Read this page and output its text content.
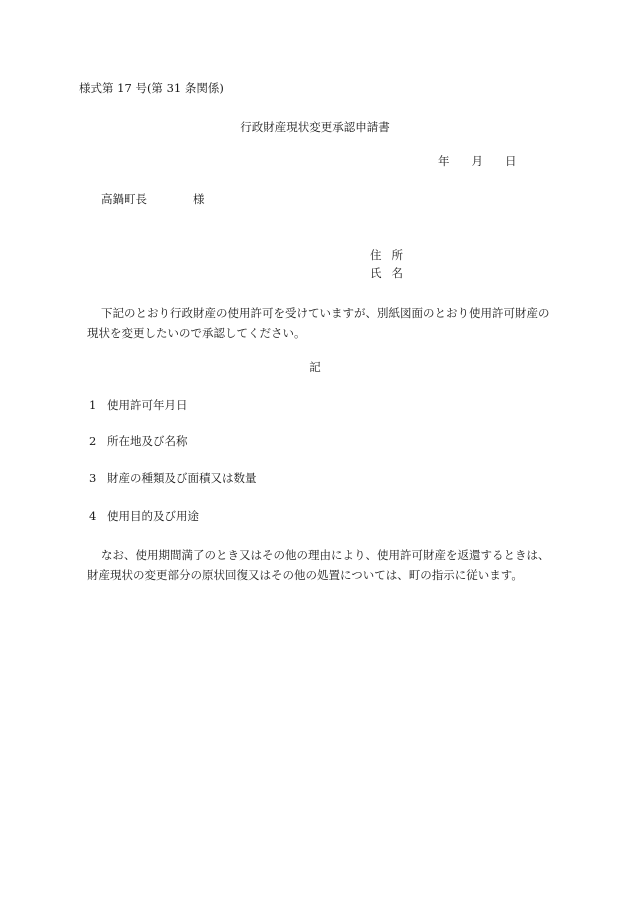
様式第 17 号(第 31 条関係)
行政財産現状変更承認申請書
年 月 日
高鍋町長	様
住 所
氏 名
下記のとおり行政財産の使用許可を受けていますが、別紙図面のとおり使用許可財産の現状を変更したいので承認してください。
記
1 使用許可年月日
2 所在地及び名称
3 財産の種類及び面積又は数量
4 使用目的及び用途
なお、使用期間満了のとき又はその他の理由により、使用許可財産を返還するときは、財産現状の変更部分の原状回復又はその他の処置については、町の指示に従います。
